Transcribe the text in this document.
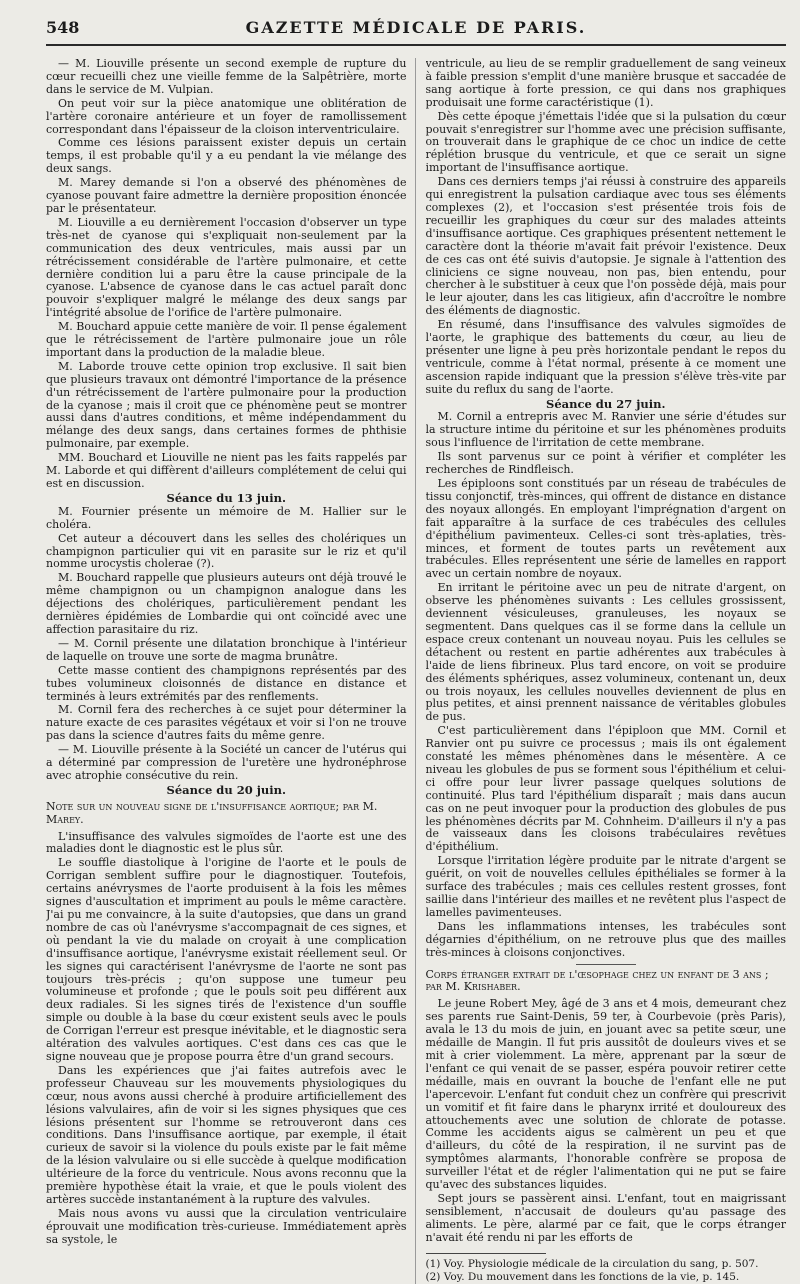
548	GAZETTE MÉDICALE DE PARIS.

— M. Liouville présente un second exemple de rupture du cœur recueilli chez une vieille femme de la Salpêtrière, morte dans le service de M. Vulpian.

On peut voir sur la pièce anatomique une oblitération de l'artère coronaire antérieure et un foyer de ramollissement correspondant dans l'épaisseur de la cloison interventriculaire.

Comme ces lésions paraissent exister depuis un certain temps, il est probable qu'il y a eu pendant la vie mélange des deux sangs.

M. Marey demande si l'on a observé des phénomènes de cyanose pouvant faire admettre la dernière proposition énoncée par le présentateur.

M. Liouville a eu dernièrement l'occasion d'observer un type très-net de cyanose qui s'expliquait non-seulement par la communication des deux ventricules, mais aussi par un rétrécissement considérable de l'artère pulmonaire, et cette dernière condition lui a paru être la cause principale de la cyanose. L'absence de cyanose dans le cas actuel paraît donc pouvoir s'expliquer malgré le mélange des deux sangs par l'intégrité absolue de l'orifice de l'artère pulmonaire.

M. Bouchard appuie cette manière de voir. Il pense également que le rétrécissement de l'artère pulmonaire joue un rôle important dans la production de la maladie bleue.

M. Laborde trouve cette opinion trop exclusive. Il sait bien que plusieurs travaux ont démontré l'importance de la présence d'un rétrécissement de l'artère pulmonaire pour la production de la cyanose ; mais il croit que ce phénomène peut se montrer aussi dans d'autres conditions, et même indépendamment du mélange des deux sangs, dans certaines formes de phthisie pulmonaire, par exemple.

MM. Bouchard et Liouville ne nient pas les faits rappelés par M. Laborde et qui diffèrent d'ailleurs complétement de celui qui est en discussion.

Séance du 13 juin.

M. Fournier présente un mémoire de M. Hallier sur le choléra.

Cet auteur a découvert dans les selles des cholériques un champignon particulier qui vit en parasite sur le riz et qu'il nomme urocystis cholerae (?).

M. Bouchard rappelle que plusieurs auteurs ont déjà trouvé le même champignon ou un champignon analogue dans les déjections des cholériques, particulièrement pendant les dernières épidémies de Lombardie qui ont coïncidé avec une affection parasitaire du riz.

— M. Cornil présente une dilatation bronchique à l'intérieur de laquelle on trouve une sorte de magma brunâtre.

Cette masse contient des champignons représentés par des tubes volumineux cloisonnés de distance en distance et terminés à leurs extrémités par des renflements.

M. Cornil fera des recherches à ce sujet pour déterminer la nature exacte de ces parasites végétaux et voir si l'on ne trouve pas dans la science d'autres faits du même genre.

— M. Liouville présente à la Société un cancer de l'utérus qui a déterminé par compression de l'uretère une hydronéphrose avec atrophie consécutive du rein.

Séance du 20 juin.

Note sur un nouveau signe de l'insuffisance aortique; par M. Marey.

L'insuffisance des valvules sigmoïdes de l'aorte est une des maladies dont le diagnostic est le plus sûr.

Le souffle diastolique à l'origine de l'aorte et le pouls de Corrigan semblent suffire pour le diagnostiquer. Toutefois, certains anévrysmes de l'aorte produisent à la fois les mêmes signes d'auscultation et impriment au pouls le même caractère. J'ai pu me convaincre, à la suite d'autopsies, que dans un grand nombre de cas où l'anévrysme s'accompagnait de ces signes, et où pendant la vie du malade on croyait à une complication d'insuffisance aortique, l'anévrysme existait réellement seul. Or les signes qui caractérisent l'anévrysme de l'aorte ne sont pas toujours très-précis ; qu'on suppose une tumeur peu volumineuse et profonde ; que le pouls soit peu différent aux deux radiales. Si les signes tirés de l'existence d'un souffle simple ou double à la base du cœur existent seuls avec le pouls de Corrigan l'erreur est presque inévitable, et le diagnostic sera altération des valvules aortiques. C'est dans ces cas que le signe nouveau que je propose pourra être d'un grand secours.

Dans les expériences que j'ai faites autrefois avec le professeur Chauveau sur les mouvements physiologiques du cœur, nous avons aussi cherché à produire artificiellement des lésions valvulaires, afin de voir si les signes physiques que ces lésions présentent sur l'homme se retrouveront dans ces conditions. Dans l'insuffisance aortique, par exemple, il était curieux de savoir si la violence du pouls existe par le fait même de la lésion valvulaire ou si elle succède à quelque modification ultérieure de la force du ventricule. Nous avons reconnu que la première hypothèse était la vraie, et que le pouls violent des artères succède instantanément à la rupture des valvules.

Mais nous avons vu aussi que la circulation ventriculaire éprouvait une modification très-curieuse. Immédiatement après sa systole, le

ventricule, au lieu de se remplir graduellement de sang veineux à faible pression s'emplit d'une manière brusque et saccadée de sang aortique à forte pression, ce qui dans nos graphiques produisait une forme caractéristique (1).

Dès cette époque j'émettais l'idée que si la pulsation du cœur pouvait s'enregistrer sur l'homme avec une précision suffisante, on trouverait dans le graphique de ce choc un indice de cette réplétion brusque du ventricule, et que ce serait un signe important de l'insuffisance aortique.

Dans ces derniers temps j'ai réussi à construire des appareils qui enregistrent la pulsation cardiaque avec tous ses éléments complexes (2), et l'occasion s'est présentée trois fois de recueillir les graphiques du cœur sur des malades atteints d'insuffisance aortique. Ces graphiques présentent nettement le caractère dont la théorie m'avait fait prévoir l'existence. Deux de ces cas ont été suivis d'autopsie. Je signale à l'attention des cliniciens ce signe nouveau, non pas, bien entendu, pour chercher à le substituer à ceux que l'on possède déjà, mais pour le leur ajouter, dans les cas litigieux, afin d'accroître le nombre des éléments de diagnostic.

En résumé, dans l'insuffisance des valvules sigmoïdes de l'aorte, le graphique des battements du cœur, au lieu de présenter une ligne à peu près horizontale pendant le repos du ventricule, comme à l'état normal, présente à ce moment une ascension rapide indiquant que la pression s'élève très-vite par suite du reflux du sang de l'aorte.

Séance du 27 juin.

M. Cornil a entrepris avec M. Ranvier une série d'études sur la structure intime du péritoine et sur les phénomènes produits sous l'influence de l'irritation de cette membrane.

Ils sont parvenus sur ce point à vérifier et compléter les recherches de Rindfleisch.

Les épiploons sont constitués par un réseau de trabécules de tissu conjonctif, très-minces, qui offrent de distance en distance des noyaux allongés. En employant l'imprégnation d'argent on fait apparaître à la surface de ces trabécules des cellules d'épithélium pavimenteux. Celles-ci sont très-aplaties, très-minces, et forment de toutes parts un revêtement aux trabécules. Elles représentent une série de lamelles en rapport avec un certain nombre de noyaux.

En irritant le péritoine avec un peu de nitrate d'argent, on observe les phénomènes suivants : Les cellules grossissent, deviennent vésiculeuses, granuleuses, les noyaux se segmentent. Dans quelques cas il se forme dans la cellule un espace creux contenant un nouveau noyau. Puis les cellules se détachent ou restent en partie adhérentes aux trabécules à l'aide de liens fibrineux. Plus tard encore, on voit se produire des éléments sphériques, assez volumineux, contenant un, deux ou trois noyaux, les cellules nouvelles deviennent de plus en plus petites, et ainsi prennent naissance de véritables globules de pus.

C'est particulièrement dans l'épiploon que MM. Cornil et Ranvier ont pu suivre ce processus ; mais ils ont également constaté les mêmes phénomènes dans le mésentère. A ce niveau les globules de pus se forment sous l'épithélium et celui-ci offre pour leur livrer passage quelques solutions de continuité. Plus tard l'épithélium disparaît ; mais dans aucun cas on ne peut invoquer pour la production des globules de pus les phénomènes décrits par M. Cohnheim. D'ailleurs il n'y a pas de vaisseaux dans les cloisons trabéculaires revêtues d'épithélium.

Lorsque l'irritation légère produite par le nitrate d'argent se guérit, on voit de nouvelles cellules épithéliales se former à la surface des trabécules ; mais ces cellules restent grosses, font saillie dans l'intérieur des mailles et ne revêtent plus l'aspect de lamelles pavimenteuses.

Dans les inflammations intenses, les trabécules sont dégarnies d'épithélium, on ne retrouve plus que des mailles très-minces à cloisons conjonctives.

Corps étranger extrait de l'œsophage chez un enfant de 3 ans ; par M. Krishaber.

Le jeune Robert Mey, âgé de 3 ans et 4 mois, demeurant chez ses parents rue Saint-Denis, 59 ter, à Courbevoie (près Paris), avala le 13 du mois de juin, en jouant avec sa petite sœur, une médaille de Mangin. Il fut pris aussitôt de douleurs vives et se mit à crier violemment. La mère, apprenant par la sœur de l'enfant ce qui venait de se passer, espéra pouvoir retirer cette médaille, mais en ouvrant la bouche de l'enfant elle ne put l'apercevoir. L'enfant fut conduit chez un confrère qui prescrivit un vomitif et fit faire dans le pharynx irrité et douloureux des attouchements avec une solution de chlorate de potasse. Comme les accidents aigus se calmèrent un peu et que d'ailleurs, du côté de la respiration, il ne survint pas de symptômes alarmants, l'honorable confrère se proposa de surveiller l'état et de régler l'alimentation qui ne put se faire qu'avec des substances liquides.

Sept jours se passèrent ainsi. L'enfant, tout en maigrissant sensiblement, n'accusait de douleurs qu'au passage des aliments. Le père, alarmé par ce fait, que le corps étranger n'avait été rendu ni par les efforts de

(1) Voy. Physiologie médicale de la circulation du sang, p. 507.

(2) Voy. Du mouvement dans les fonctions de la vie, p. 145.
